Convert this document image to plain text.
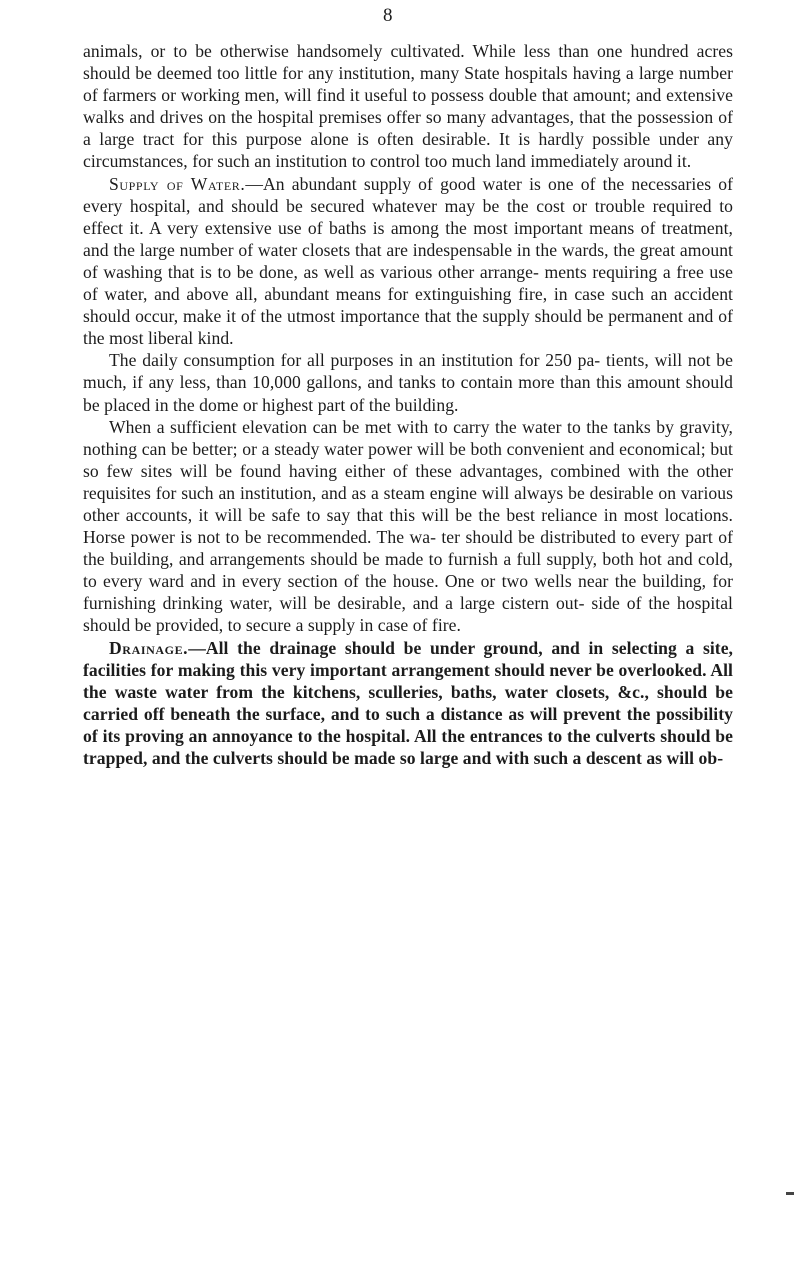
8

animals, or to be otherwise handsomely cultivated. While less than one hundred acres should be deemed too little for any institution, many State hospitals having a large number of farmers or working men, will find it useful to possess double that amount; and extensive walks and drives on the hospital premises offer so many advantages, that the possession of a large tract for this purpose alone is often desirable. It is hardly possible under any circumstances, for such an institution to control too much land immediately around it.

Supply of Water.—An abundant supply of good water is one of the necessaries of every hospital, and should be secured whatever may be the cost or trouble required to effect it. A very extensive use of baths is among the most important means of treatment, and the large number of water closets that are indespensable in the wards, the great amount of washing that is to be done, as well as various other arrange- ments requiring a free use of water, and above all, abundant means for extinguishing fire, in case such an accident should occur, make it of the utmost importance that the supply should be permanent and of the most liberal kind.

The daily consumption for all purposes in an institution for 250 pa- tients, will not be much, if any less, than 10,000 gallons, and tanks to contain more than this amount should be placed in the dome or highest part of the building.

When a sufficient elevation can be met with to carry the water to the tanks by gravity, nothing can be better; or a steady water power will be both convenient and economical; but so few sites will be found having either of these advantages, combined with the other requisites for such an institution, and as a steam engine will always be desirable on various other accounts, it will be safe to say that this will be the best reliance in most locations. Horse power is not to be recommended. The wa- ter should be distributed to every part of the building, and arrangements should be made to furnish a full supply, both hot and cold, to every ward and in every section of the house. One or two wells near the building, for furnishing drinking water, will be desirable, and a large cistern out- side of the hospital should be provided, to secure a supply in case of fire.

Drainage.—All the drainage should be under ground, and in selecting a site, facilities for making this very important arrangement should never be overlooked. All the waste water from the kitchens, sculleries, baths, water closets, &c., should be carried off beneath the surface, and to such a distance as will prevent the possibility of its proving an annoyance to the hospital. All the entrances to the culverts should be trapped, and the culverts should be made so large and with such a descent as will ob-
